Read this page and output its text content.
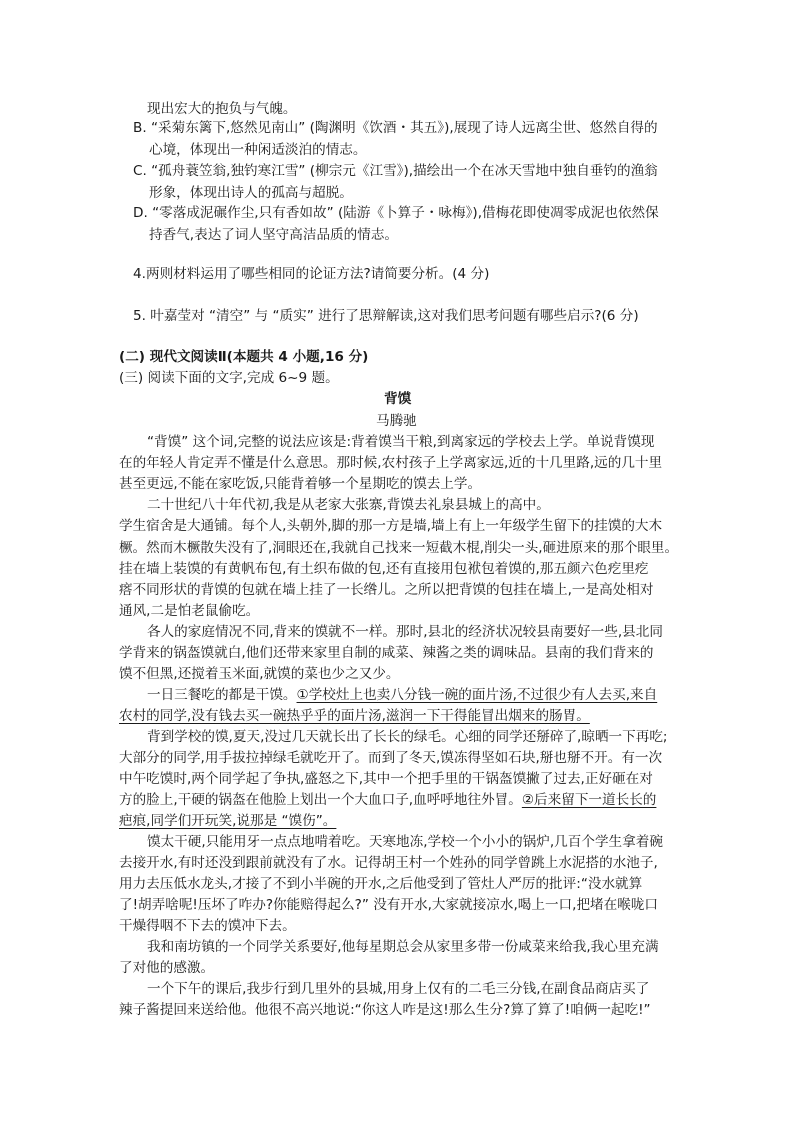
现出宏大的抱负与气魄。
B. “采菊东篱下,悠然见南山” (陶渊明《饮酒・其五》),展现了诗人远离尘世、悠然自得的
心境，体现出一种闲适淡泊的情志。
C. “孤舟蓑笠翁,独钓寒江雪” (柳宗元《江雪》),描绘出一个在冰天雪地中独自垂钓的渔翁
形象，体现出诗人的孤高与超脱。
D. “零落成泥碾作尘,只有香如故” (陆游《卜算子・咏梅》),借梅花即使凋零成泥也依然保
持香气,表达了词人坚守高洁品质的情志。
4.两则材料运用了哪些相同的论证方法?请简要分析。(4 分)
5. 叶嘉莹对 “清空” 与 “质实” 进行了思辩解读,这对我们思考问题有哪些启示?(6 分)
(二) 现代文阅读Ⅱ(本题共 4 小题,16 分)
(三) 阅读下面的文字,完成 6~9 题。
背馍
马腾驰
“背馍” 这个词,完整的说法应该是:背着馍当干粮,到离家远的学校去上学。单说背馍现
在的年轻人肯定弄不懂是什么意思。那时候,农村孩子上学离家远,近的十几里路,远的几十里
甚至更远,不能在家吃饭,只能背着够一个星期吃的馍去上学。
二十世纪八十年代初,我是从老家大张寨,背馍去礼泉县城上的高中。
学生宿舍是大通铺。每个人,头朝外,脚的那一方是墙,墙上有上一年级学生留下的挂馍的大木
橛。然而木橛散失没有了,洞眼还在,我就自己找来一短截木棍,削尖一头,砸进原来的那个眼里。
挂在墙上装馍的有黄帆布包,有土织布做的包,还有直接用包袱包着馍的,那五颜六色疙里疙
瘩不同形状的背馍的包就在墙上挂了一长绺儿。之所以把背馍的包挂在墙上,一是高处相对
通风,二是怕老鼠偷吃。
各人的家庭情况不同,背来的馍就不一样。那时,县北的经济状况较县南要好一些,县北同
学背来的锅盔馍就白,他们还带来家里自制的咸菜、辣酱之类的调味品。县南的我们背来的
馍不但黑,还搅着玉米面,就馍的菜也少之又少。
一日三餐吃的都是干馍。①学校灶上也卖八分钱一碗的面片汤,不过很少有人去买,来自
农村的同学,没有钱去买一碗热乎乎的面片汤,滋润一下干得能冒出烟来的肠胃。
背到学校的馍,夏天,没过几天就长出了长长的绿毛。心细的同学还掰碎了,晾晒一下再吃;
大部分的同学,用手拔拉掉绿毛就吃开了。而到了冬天,馍冻得坚如石块,掰也掰不开。有一次
中午吃馍时,两个同学起了争执,盛怒之下,其中一个把手里的干锅盔馍撇了过去,正好砸在对
方的脸上,干硬的锅盔在他脸上划出一个大血口子,血呼呼地往外冒。②后来留下一道长长的
疤痕,同学们开玩笑,说那是 “馍伤”。
馍太干硬,只能用牙一点点地啃着吃。天寒地冻,学校一个小小的锅炉,几百个学生拿着碗
去接开水,有时还没到跟前就没有了水。记得胡王村一个姓孙的同学曾跳上水泥搭的水池子,
用力去压低水龙头,才接了不到小半碗的开水,之后他受到了管灶人严厉的批评:“没水就算
了!胡弄啥呢!压坏了咋办?你能赔得起么?” 没有开水,大家就接凉水,喝上一口,把堵在喉咙口
干燥得咽不下去的馍冲下去。
我和南坊镇的一个同学关系要好,他每星期总会从家里多带一份咸菜来给我,我心里充满
了对他的感激。
一个下午的课后,我步行到几里外的县城,用身上仅有的二毛三分钱,在副食品商店买了
辣子酱提回来送给他。他很不高兴地说:“你这人咋是这!那么生分?算了算了!咱俩一起吃!”
